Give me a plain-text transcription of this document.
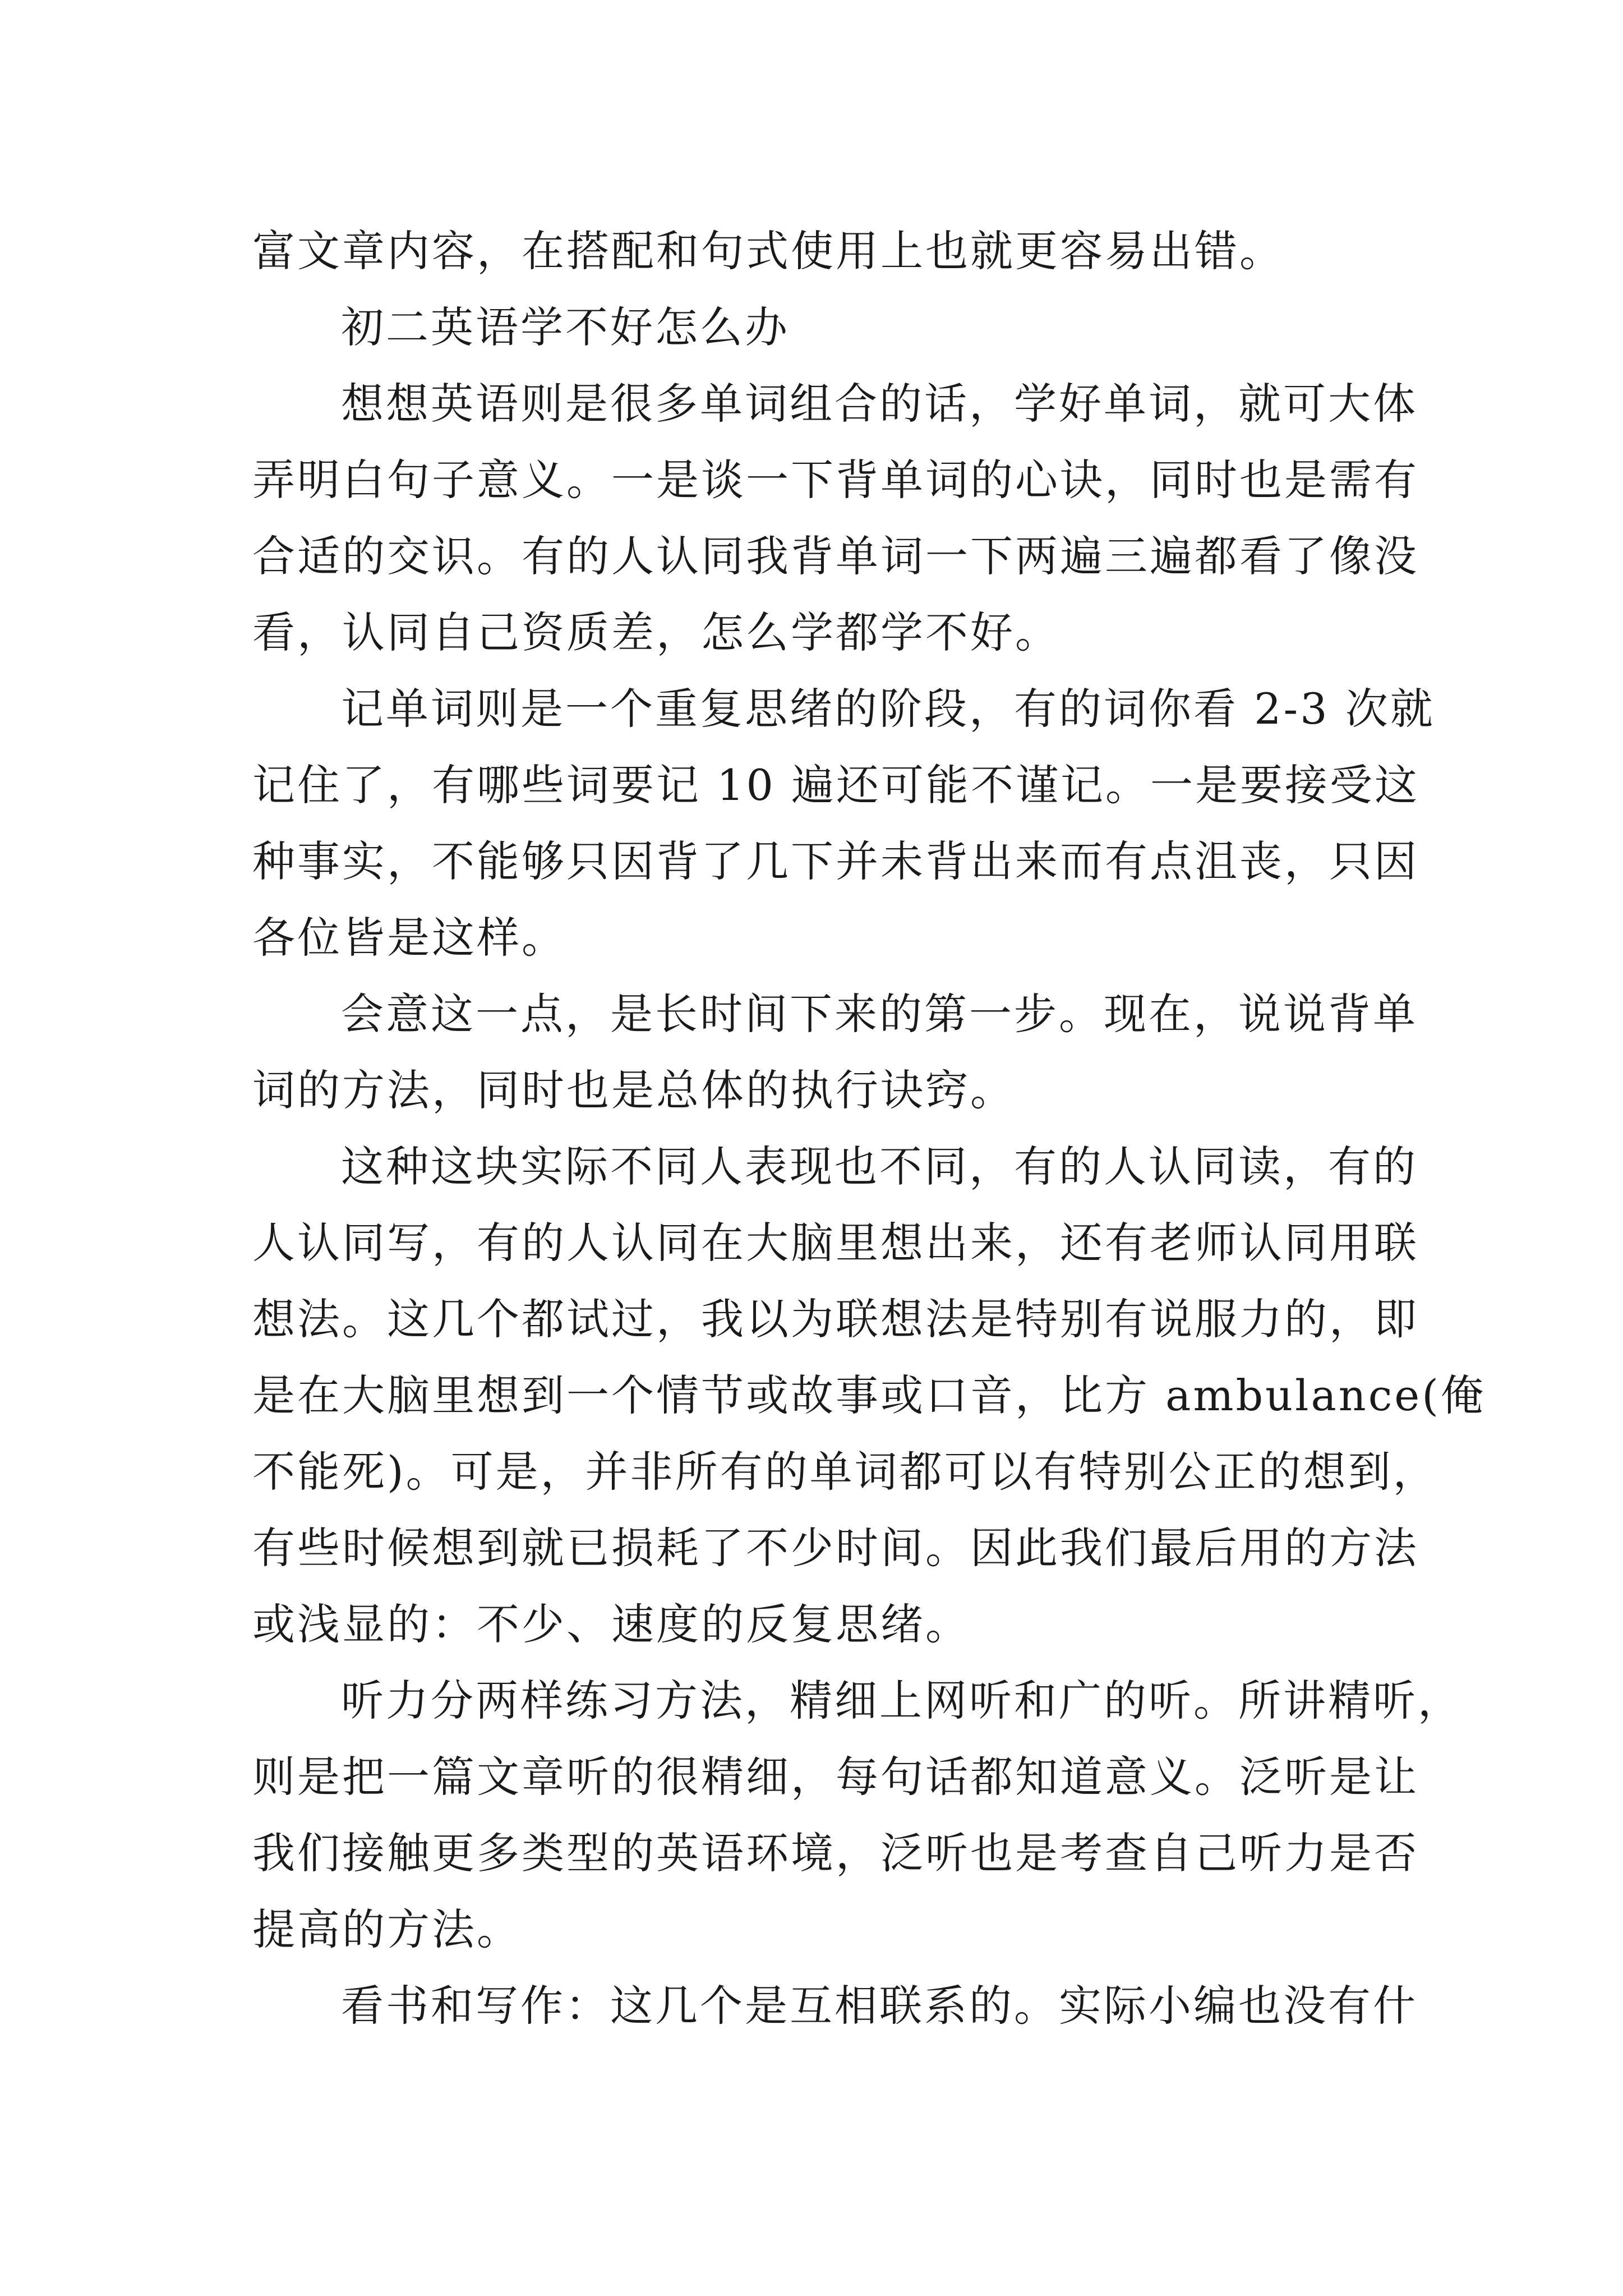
富文章内容，在搭配和句式使用上也就更容易出错。
初二英语学不好怎么办
想想英语则是很多单词组合的话，学好单词，就可大体
弄明白句子意义。一是谈一下背单词的心诀，同时也是需有
合适的交识。有的人认同我背单词一下两遍三遍都看了像没
看，认同自己资质差，怎么学都学不好。
记单词则是一个重复思绪的阶段，有的词你看 2-3 次就
记住了，有哪些词要记 10 遍还可能不谨记。一是要接受这
种事实，不能够只因背了几下并未背出来而有点沮丧，只因
各位皆是这样。
会意这一点，是长时间下来的第一步。现在，说说背单
词的方法，同时也是总体的执行诀窍。
这种这块实际不同人表现也不同，有的人认同读，有的
人认同写，有的人认同在大脑里想出来，还有老师认同用联
想法。这几个都试过，我以为联想法是特别有说服力的，即
是在大脑里想到一个情节或故事或口音，比方 ambulance(俺
不能死)。可是，并非所有的单词都可以有特别公正的想到，
有些时候想到就已损耗了不少时间。因此我们最后用的方法
或浅显的：不少、速度的反复思绪。
听力分两样练习方法，精细上网听和广的听。所讲精听，
则是把一篇文章听的很精细，每句话都知道意义。泛听是让
我们接触更多类型的英语环境，泛听也是考查自己听力是否
提高的方法。
看书和写作：这几个是互相联系的。实际小编也没有什
